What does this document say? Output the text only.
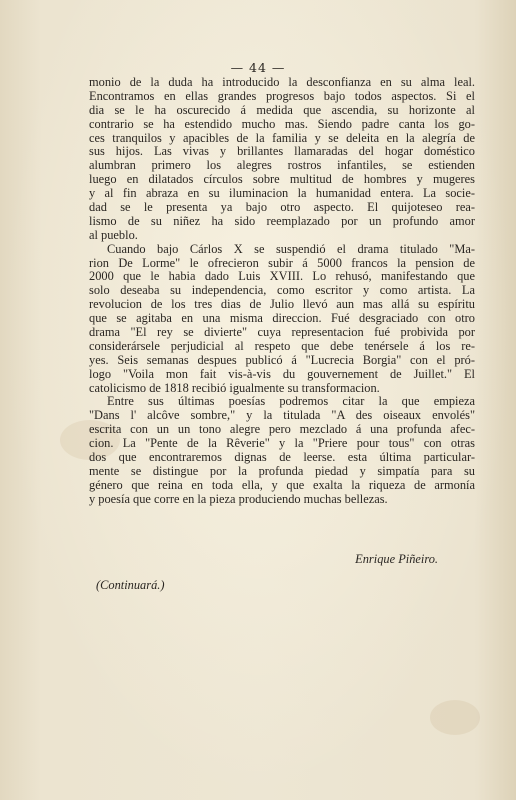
— 44 —
monio de la duda ha introducido la desconfianza en su alma leal.
Encontramos en ellas grandes progresos bajo todos aspectos. Si el
dia se le ha oscurecido á medida que ascendia, su horizonte al
contrario se ha estendido mucho mas. Siendo padre canta los go-
ces tranquilos y apacibles de la familia y se deleita en la alegría de
sus hijos. Las vivas y brillantes llamaradas del hogar doméstico
alumbran primero los alegres rostros infantiles, se estienden
luego en dilatados círculos sobre multitud de hombres y mugeres
y al fin abraza en su iluminacion la humanidad entera. La socie-
dad se le presenta ya bajo otro aspecto. El quijoteseo rea-
lismo de su niñez ha sido reemplazado por un profundo amor
al pueblo.
Cuando bajo Cárlos X se suspendió el drama titulado "Ma-
rion De Lorme" le ofrecieron subir á 5000 francos la pension de
2000 que le habia dado Luis XVIII. Lo rehusó, manifestando que
solo deseaba su independencia, como escritor y como artista. La
revolucion de los tres dias de Julio llevó aun mas allá su espíritu
que se agitaba en una misma direccion. Fué desgraciado con otro
drama "El rey se divierte" cuya representacion fué probivida por
considerársele perjudicial al respeto que debe tenérsele á los re-
yes. Seis semanas despues publicó á "Lucrecia Borgia" con el pró-
logo "Voila mon fait vis-à-vis du gouvernement de Juillet." El
catolicismo de 1818 recibió igualmente su transformacion.
Entre sus últimas poesías podremos citar la que empieza
"Dans l' alcôve sombre," y la titulada "A des oiseaux envolés"
escrita con un un tono alegre pero mezclado á una profunda afec-
cion. La "Pente de la Rêverie" y la "Priere pour tous" con otras
dos que encontraremos dignas de leerse. esta última particular-
mente se distingue por la profunda piedad y simpatía para su
género que reina en toda ella, y que exalta la riqueza de armonía
y poesía que corre en la pieza produciendo muchas bellezas.
Enrique Piñeiro.
(Continuará.)
